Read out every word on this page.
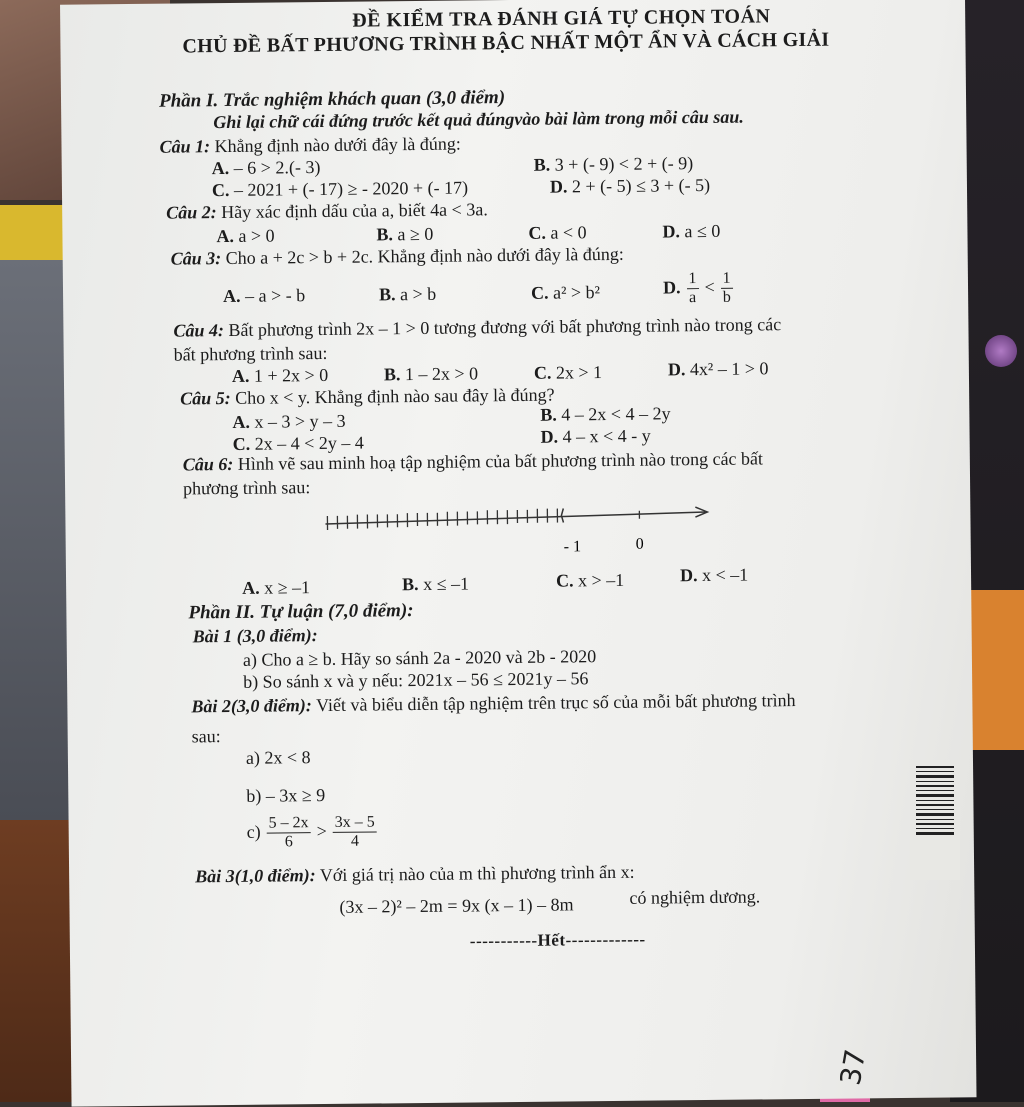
ĐỀ KIỂM TRA ĐÁNH GIÁ TỰ CHỌN TOÁN
CHỦ ĐỀ BẤT PHƯƠNG TRÌNH BẬC NHẤT MỘT ẨN VÀ CÁCH GIẢI
Phần I. Trắc nghiệm khách quan (3,0 điểm)
Ghi lại chữ cái đứng trước kết quả đúngvào bài làm trong mỗi câu sau.
Câu 1: Khẳng định nào dưới đây là đúng:
A. – 6 > 2.(- 3)	B. 3 + (- 9) < 2 + (- 9)
C. – 2021 + (- 17) ≥ - 2020 + (- 17)	D. 2 + (- 5) ≤ 3 + (- 5)
Câu 2: Hãy xác định dấu của a, biết 4a < 3a.
A. a > 0	B. a ≥ 0	C. a < 0	D. a ≤ 0
Câu 3: Cho a + 2c > b + 2c. Khẳng định nào dưới đây là đúng:
A. – a > - b	B. a > b	C. a² > b²	D. 1
a
< 1
b
Câu 4: Bất phương trình 2x – 1 > 0 tương đương với bất phương trình nào trong các
bất phương trình sau:
A. 1 + 2x > 0	B. 1 – 2x > 0	C. 2x > 1	D. 4x² – 1 > 0
Câu 5: Cho x < y. Khẳng định nào sau đây là đúng?
A. x – 3 > y – 3	B. 4 – 2x < 4 – 2y
C. 2x – 4 < 2y – 4	D. 4 – x < 4 - y
Câu 6: Hình vẽ sau minh hoạ tập nghiệm của bất phương trình nào trong các bất
phương trình sau:
- 1	0
A. x ≥ –1	B. x ≤ –1	C. x > –1	D. x < –1
Phần II. Tự luận (7,0 điểm):
Bài 1 (3,0 điểm):
a) Cho a ≥ b. Hãy so sánh 2a - 2020 và 2b - 2020
b) So sánh x và y nếu: 2021x – 56 ≤ 2021y – 56
Bài 2(3,0 điểm): Viết và biểu diễn tập nghiệm trên trục số của mỗi bất phương trình
sau:
a) 2x < 8
b) – 3x ≥ 9
c) 5 – 2x
6
> 3x – 5
4
Bài 3(1,0 điểm): Với giá trị nào của m thì phương trình ẩn x:
(3x – 2)² – 2m = 9x (x – 1) – 8m	có nghiệm dương.
-----------Hết-------------
37
